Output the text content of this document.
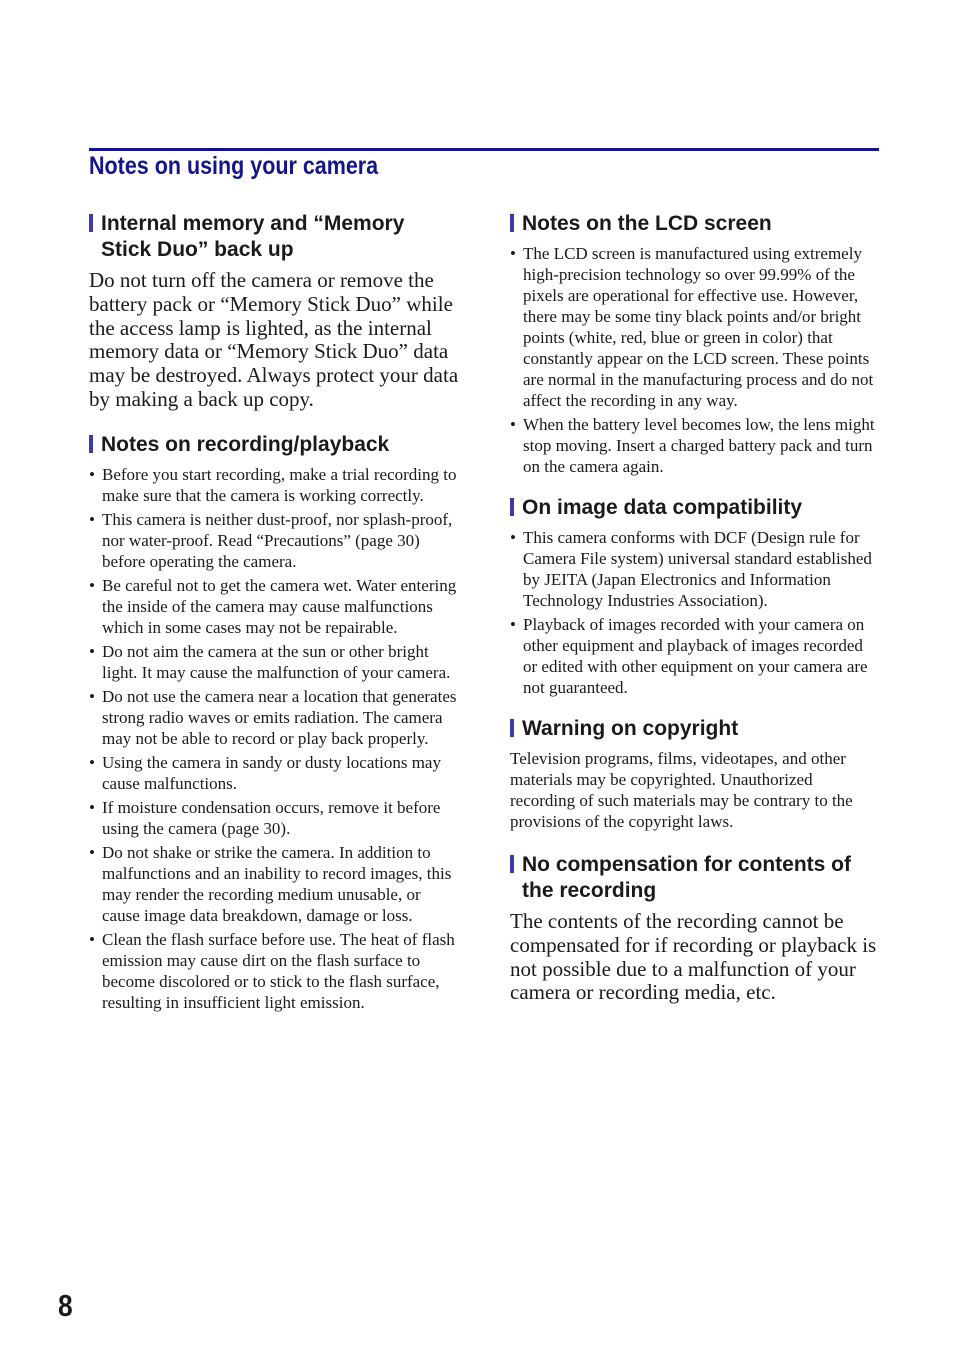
Notes on using your camera
Internal memory and “Memory Stick Duo” back up

Do not turn off the camera or remove the battery pack or “Memory Stick Duo” while the access lamp is lighted, as the internal memory data or “Memory Stick Duo” data may be destroyed. Always protect your data by making a back up copy.

Notes on recording/playback
• Before you start recording, make a trial recording to make sure that the camera is working correctly.
• This camera is neither dust-proof, nor splash-proof, nor water-proof. Read “Precautions” (page 30) before operating the camera.
• Be careful not to get the camera wet. Water entering the inside of the camera may cause malfunctions which in some cases may not be repairable.
• Do not aim the camera at the sun or other bright light. It may cause the malfunction of your camera.
• Do not use the camera near a location that generates strong radio waves or emits radiation. The camera may not be able to record or play back properly.
• Using the camera in sandy or dusty locations may cause malfunctions.
• If moisture condensation occurs, remove it before using the camera (page 30).
• Do not shake or strike the camera. In addition to malfunctions and an inability to record images, this may render the recording medium unusable, or cause image data breakdown, damage or loss.
• Clean the flash surface before use. The heat of flash emission may cause dirt on the flash surface to become discolored or to stick to the flash surface, resulting in insufficient light emission.
Notes on the LCD screen
• The LCD screen is manufactured using extremely high-precision technology so over 99.99% of the pixels are operational for effective use. However, there may be some tiny black points and/or bright points (white, red, blue or green in color) that constantly appear on the LCD screen. These points are normal in the manufacturing process and do not affect the recording in any way.
• When the battery level becomes low, the lens might stop moving. Insert a charged battery pack and turn on the camera again.
On image data compatibility
• This camera conforms with DCF (Design rule for Camera File system) universal standard established by JEITA (Japan Electronics and Information Technology Industries Association).
• Playback of images recorded with your camera on other equipment and playback of images recorded or edited with other equipment on your camera are not guaranteed.
Warning on copyright

Television programs, films, videotapes, and other materials may be copyrighted. Unauthorized recording of such materials may be contrary to the provisions of the copyright laws.

No compensation for contents of the recording

The contents of the recording cannot be compensated for if recording or playback is not possible due to a malfunction of your camera or recording media, etc.

8
